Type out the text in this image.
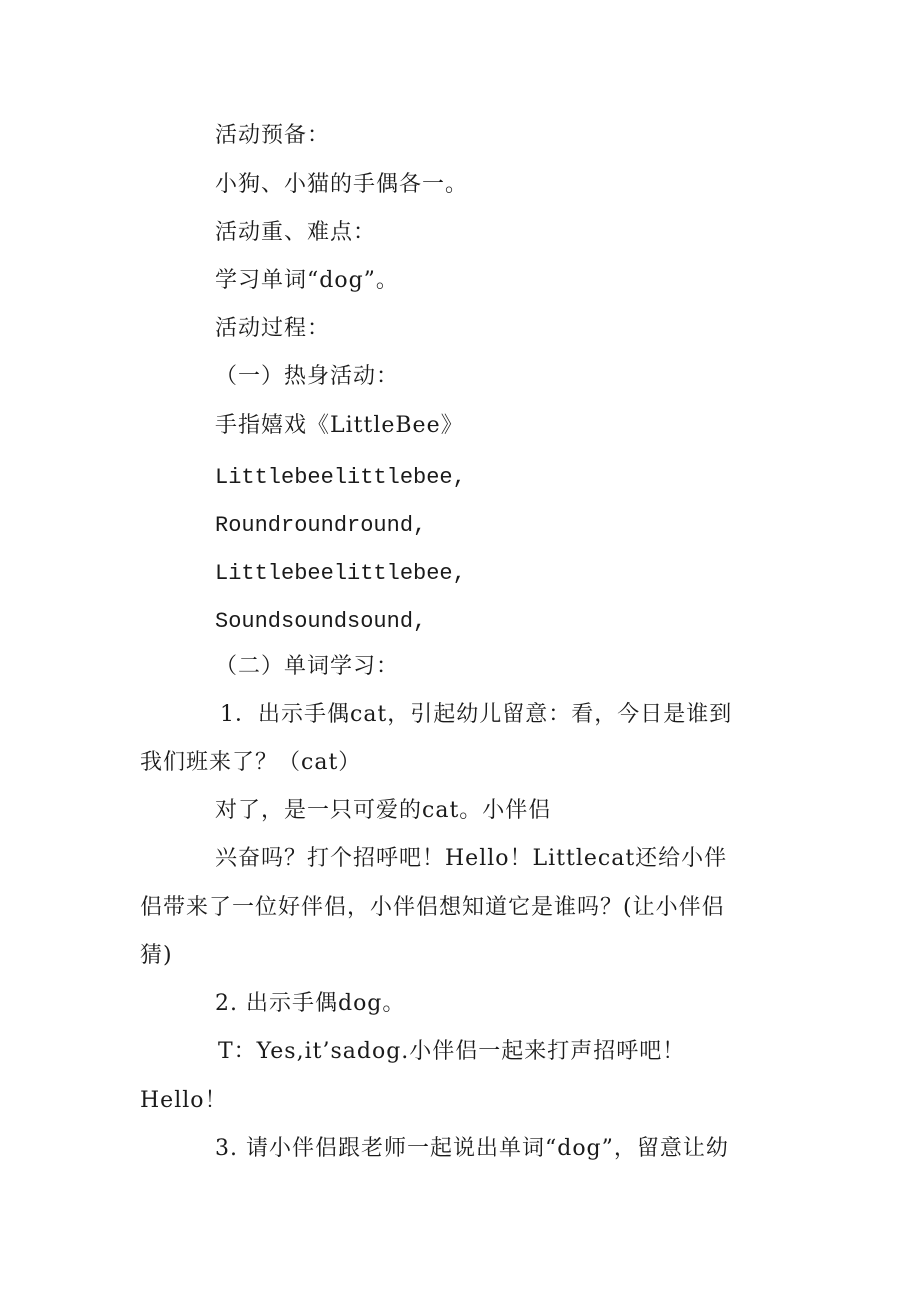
活动预备：
小狗、小猫的手偶各一。
活动重、难点：
学习单词“dog”。
活动过程：
（一）热身活动：
手指嬉戏《LittleBee》
Littlebeelittlebee,
Roundroundround,
Littlebeelittlebee,
Soundsoundsound,
（二）单词学习：
1．出示手偶cat，引起幼儿留意：看，今日是谁到
我们班来了？（cat）
对了，是一只可爱的cat。小伴侣
兴奋吗？打个招呼吧！Hello！Littlecat还给小伴
侣带来了一位好伴侣，小伴侣想知道它是谁吗？(让小伴侣
猜)
2. 出示手偶dog。
T：Yes,it’sadog.小伴侣一起来打声招呼吧！
Hello！
3. 请小伴侣跟老师一起说出单词“dog”，留意让幼
